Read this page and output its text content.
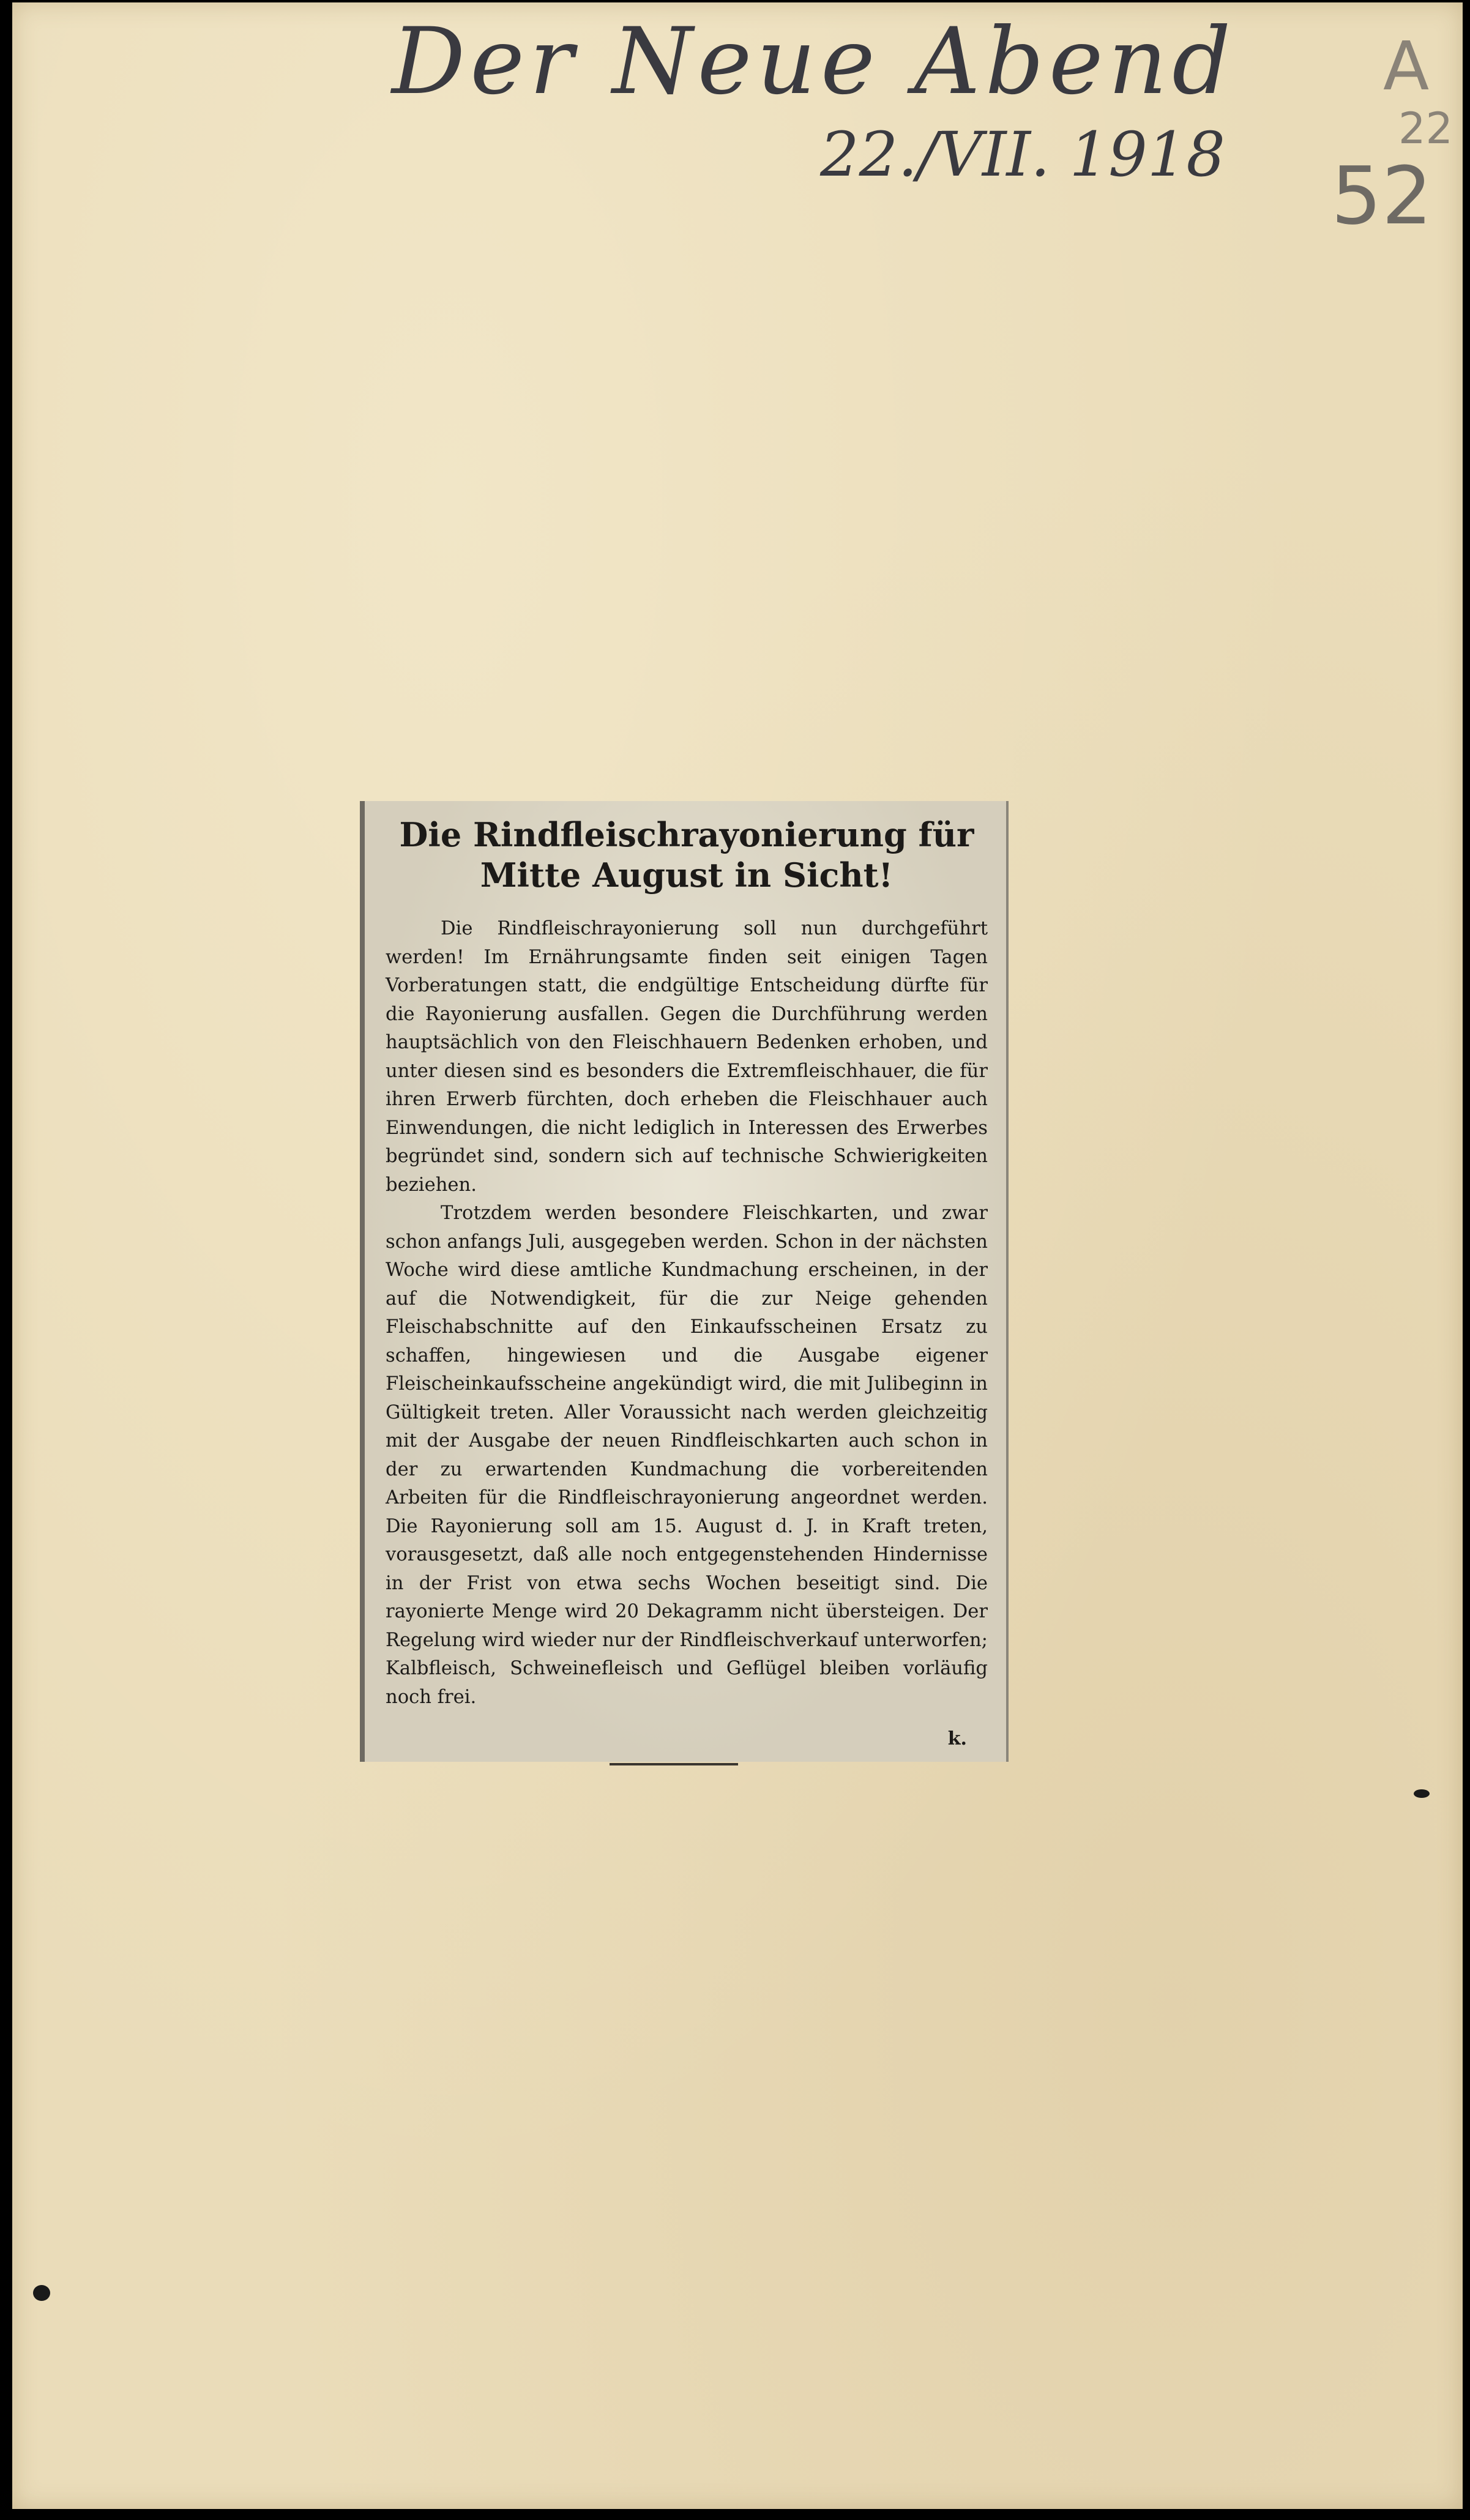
Der Neue Abend
22./VII. 1918
A
22
52
Die Rindfleischrayonierung für Mitte August in Sicht!

Die Rindfleischrayonierung soll nun durchgeführt werden! Im Ernährungsamte finden seit einigen Tagen Vorberatungen statt, die endgültige Entscheidung dürfte für die Rayonierung ausfallen. Gegen die Durchführung werden hauptsächlich von den Fleischhauern Bedenken erhoben, und unter diesen sind es besonders die Extremfleischhauer, die für ihren Erwerb fürchten, doch erheben die Fleischhauer auch Einwendungen, die nicht lediglich in Interessen des Erwerbes begründet sind, sondern sich auf technische Schwierigkeiten beziehen.

Trotzdem werden besondere Fleischkarten, und zwar schon anfangs Juli, ausgegeben werden. Schon in der nächsten Woche wird diese amtliche Kundmachung erscheinen, in der auf die Notwendigkeit, für die zur Neige gehenden Fleischabschnitte auf den Einkaufsscheinen Ersatz zu schaffen, hingewiesen und die Ausgabe eigener Fleischeinkaufsscheine angekündigt wird, die mit Julibeginn in Gültigkeit treten. Aller Voraussicht nach werden gleichzeitig mit der Ausgabe der neuen Rindfleischkarten auch schon in der zu erwartenden Kundmachung die vorbereitenden Arbeiten für die Rindfleischrayonierung angeordnet werden. Die Rayonierung soll am 15. August d. J. in Kraft treten, vorausgesetzt, daß alle noch entgegenstehenden Hindernisse in der Frist von etwa sechs Wochen beseitigt sind. Die rayonierte Menge wird 20 Dekagramm nicht übersteigen. Der Regelung wird wieder nur der Rindfleischverkauf unterworfen; Kalbfleisch, Schweinefleisch und Geflügel bleiben vorläufig noch frei.

k.
